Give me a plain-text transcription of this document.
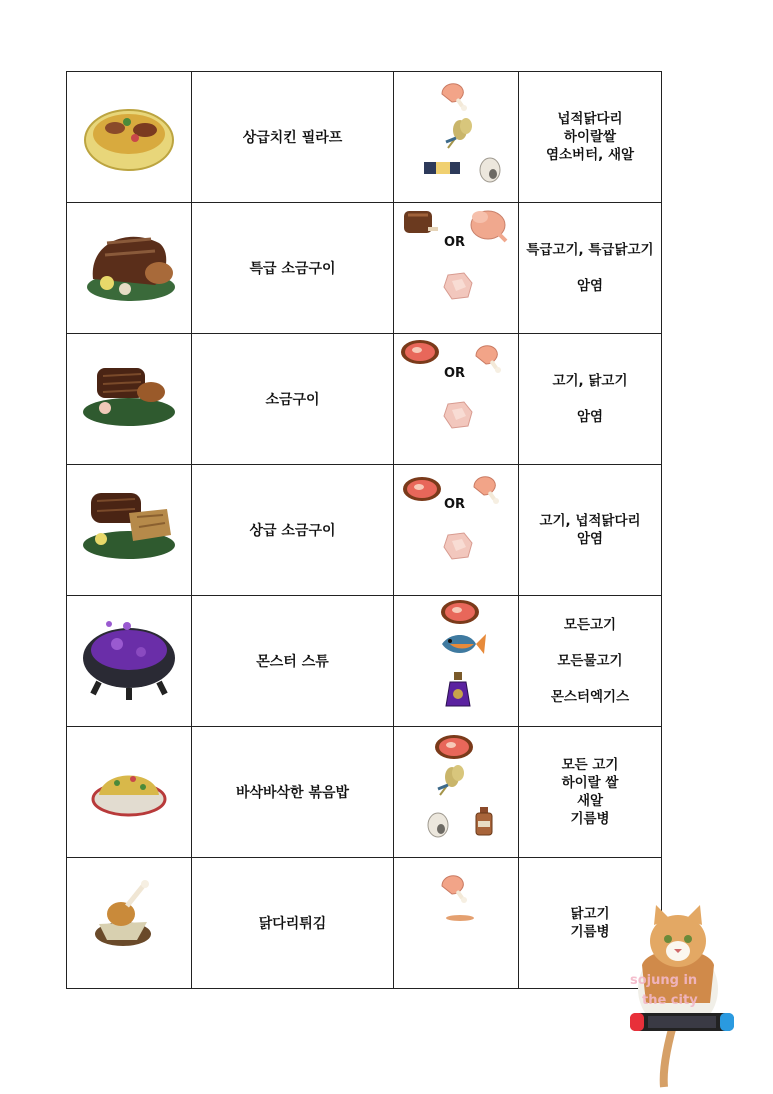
	상급치킨 필라프		넙적닭다리
하이랄쌀
염소버터, 새알

	특급 소금구이	OR	특급고기, 특급닭고기

암염

	소금구이	OR	고기, 닭고기

암염

	상급 소금구이	OR	고기, 넙적닭다리
암염

	몬스터 스튜		모든고기

모든물고기

몬스터엑기스

	바삭바삭한 볶음밥		모든 고기
하이랄 쌀
새알
기름병

	닭다리튀김		닭고기
기름병
sojung in
the city
